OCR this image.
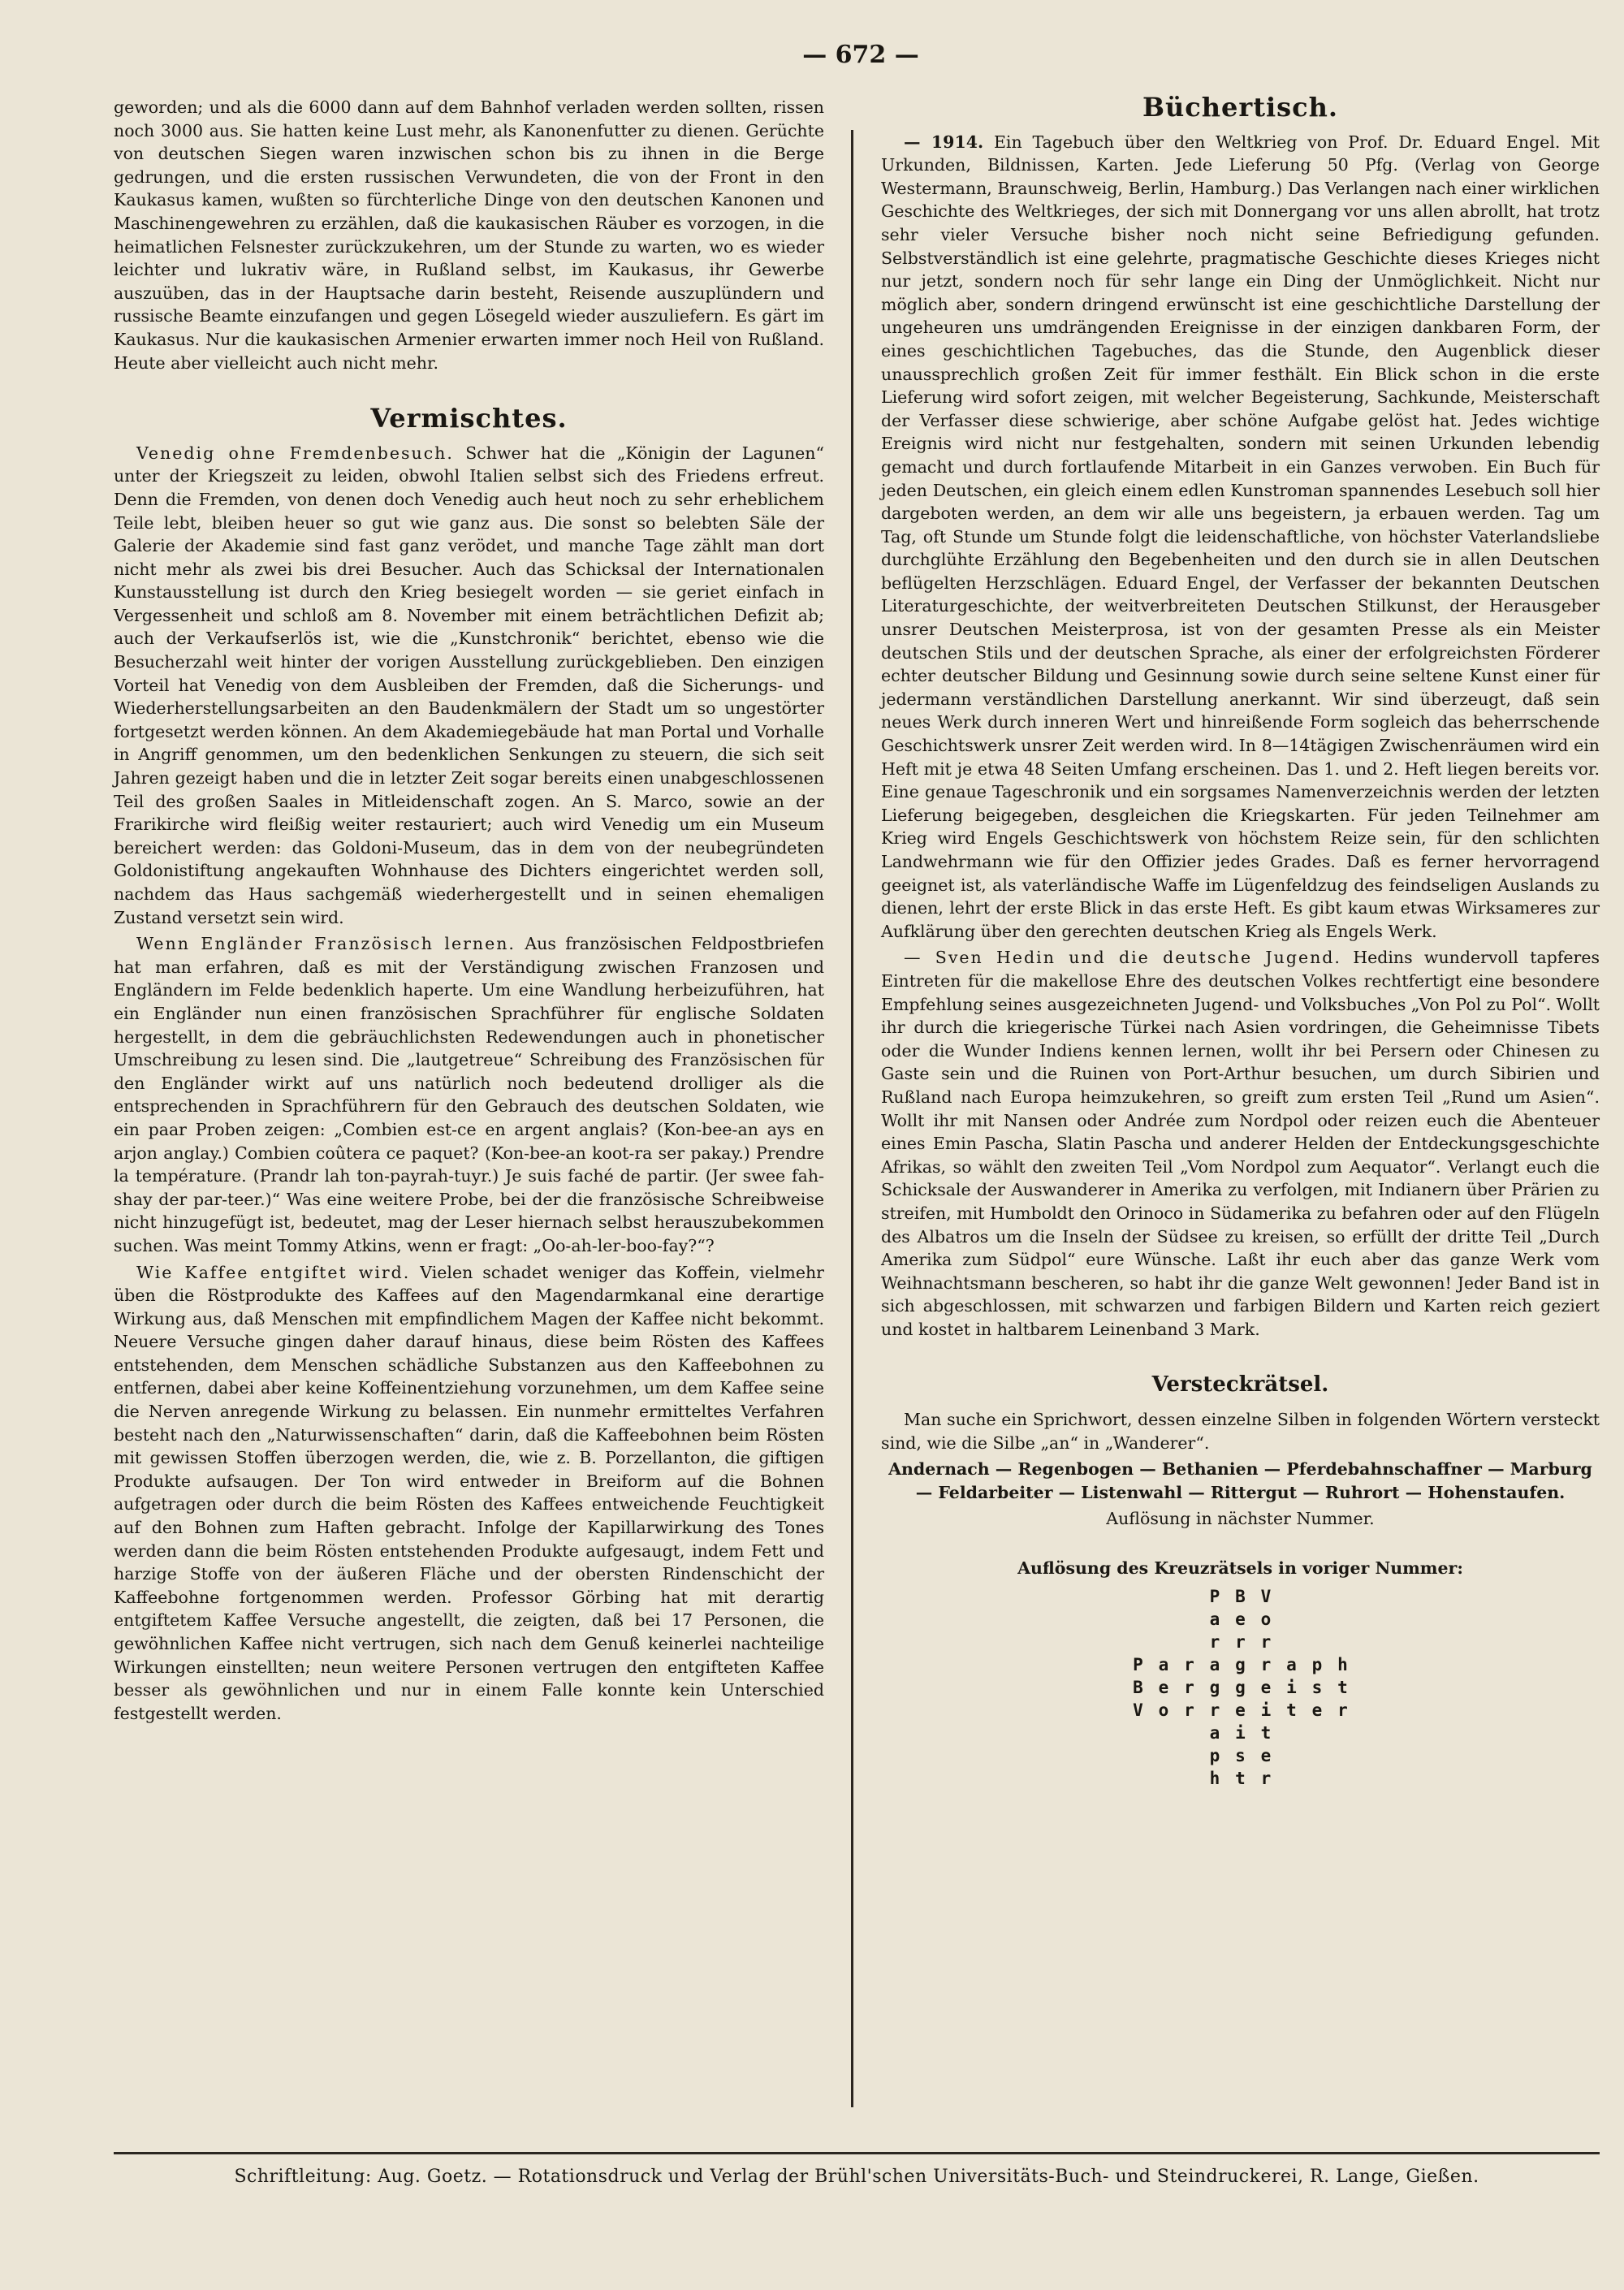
— 672 —

geworden; und als die 6000 dann auf dem Bahnhof verladen werden sollten, rissen noch 3000 aus. Sie hatten keine Lust mehr, als Kanonenfutter zu dienen. Gerüchte von deutschen Siegen waren inzwischen schon bis zu ihnen in die Berge gedrungen, und die ersten russischen Verwundeten, die von der Front in den Kaukasus kamen, wußten so fürchterliche Dinge von den deutschen Kanonen und Maschinengewehren zu erzählen, daß die kaukasischen Räuber es vorzogen, in die heimatlichen Felsnester zurückzukehren, um der Stunde zu warten, wo es wieder leichter und lukrativ wäre, in Rußland selbst, im Kaukasus, ihr Gewerbe auszuüben, das in der Hauptsache darin besteht, Reisende auszuplündern und russische Beamte einzufangen und gegen Lösegeld wieder auszuliefern. Es gärt im Kaukasus. Nur die kaukasischen Armenier erwarten immer noch Heil von Rußland. Heute aber vielleicht auch nicht mehr.

Vermischtes.

Venedig ohne Fremdenbesuch. Schwer hat die „Königin der Lagunen“ unter der Kriegszeit zu leiden, obwohl Italien selbst sich des Friedens erfreut. Denn die Fremden, von denen doch Venedig auch heut noch zu sehr erheblichem Teile lebt, bleiben heuer so gut wie ganz aus. Die sonst so belebten Säle der Galerie der Akademie sind fast ganz verödet, und manche Tage zählt man dort nicht mehr als zwei bis drei Besucher. Auch das Schicksal der Internationalen Kunstausstellung ist durch den Krieg besiegelt worden — sie geriet einfach in Vergessenheit und schloß am 8. November mit einem beträchtlichen Defizit ab; auch der Verkaufserlös ist, wie die „Kunstchronik“ berichtet, ebenso wie die Besucherzahl weit hinter der vorigen Ausstellung zurückgeblieben. Den einzigen Vorteil hat Venedig von dem Ausbleiben der Fremden, daß die Sicherungs- und Wiederherstellungsarbeiten an den Baudenkmälern der Stadt um so ungestörter fortgesetzt werden können. An dem Akademiegebäude hat man Portal und Vorhalle in Angriff genommen, um den bedenklichen Senkungen zu steuern, die sich seit Jahren gezeigt haben und die in letzter Zeit sogar bereits einen unabgeschlossenen Teil des großen Saales in Mitleidenschaft zogen. An S. Marco, sowie an der Frarikirche wird fleißig weiter restauriert; auch wird Venedig um ein Museum bereichert werden: das Goldoni-Museum, das in dem von der neubegründeten Goldonistiftung angekauften Wohnhause des Dichters eingerichtet werden soll, nachdem das Haus sachgemäß wiederhergestellt und in seinen ehemaligen Zustand versetzt sein wird.

Wenn Engländer Französisch lernen. Aus französischen Feldpostbriefen hat man erfahren, daß es mit der Verständigung zwischen Franzosen und Engländern im Felde bedenklich haperte. Um eine Wandlung herbeizuführen, hat ein Engländer nun einen französischen Sprachführer für englische Soldaten hergestellt, in dem die gebräuchlichsten Redewendungen auch in phonetischer Umschreibung zu lesen sind. Die „lautgetreue“ Schreibung des Französischen für den Engländer wirkt auf uns natürlich noch bedeutend drolliger als die entsprechenden in Sprachführern für den Gebrauch des deutschen Soldaten, wie ein paar Proben zeigen: „Combien est-ce en argent anglais? (Kon-bee-an ays en arjon anglay.) Combien coûtera ce paquet? (Kon-bee-an koot-ra ser pakay.) Prendre la température. (Prandr lah ton-payrah-tuyr.) Je suis faché de partir. (Jer swee fah-shay der par-teer.)“ Was eine weitere Probe, bei der die französische Schreibweise nicht hinzugefügt ist, bedeutet, mag der Leser hiernach selbst herauszubekommen suchen. Was meint Tommy Atkins, wenn er fragt: „Oo-ah-ler-boo-fay?“?

Wie Kaffee entgiftet wird. Vielen schadet weniger das Koffein, vielmehr üben die Röstprodukte des Kaffees auf den Magendarmkanal eine derartige Wirkung aus, daß Menschen mit empfindlichem Magen der Kaffee nicht bekommt. Neuere Versuche gingen daher darauf hinaus, diese beim Rösten des Kaffees entstehenden, dem Menschen schädliche Substanzen aus den Kaffeebohnen zu entfernen, dabei aber keine Koffeinentziehung vorzunehmen, um dem Kaffee seine die Nerven anregende Wirkung zu belassen. Ein nunmehr ermitteltes Verfahren besteht nach den „Naturwissenschaften“ darin, daß die Kaffeebohnen beim Rösten mit gewissen Stoffen überzogen werden, die, wie z. B. Porzellanton, die giftigen Produkte aufsaugen. Der Ton wird entweder in Breiform auf die Bohnen aufgetragen oder durch die beim Rösten des Kaffees entweichende Feuchtigkeit auf den Bohnen zum Haften gebracht. Infolge der Kapillarwirkung des Tones werden dann die beim Rösten entstehenden Produkte aufgesaugt, indem Fett und harzige Stoffe von der äußeren Fläche und der obersten Rindenschicht der Kaffeebohne fortgenommen werden. Professor Görbing hat mit derartig entgiftetem Kaffee Versuche angestellt, die zeigten, daß bei 17 Personen, die gewöhnlichen Kaffee nicht vertrugen, sich nach dem Genuß keinerlei nachteilige Wirkungen einstellten; neun weitere Personen vertrugen den entgifteten Kaffee besser als gewöhnlichen und nur in einem Falle konnte kein Unterschied festgestellt werden.

Büchertisch.

— 1914. Ein Tagebuch über den Weltkrieg von Prof. Dr. Eduard Engel. Mit Urkunden, Bildnissen, Karten. Jede Lieferung 50 Pfg. (Verlag von George Westermann, Braunschweig, Berlin, Hamburg.) Das Verlangen nach einer wirklichen Geschichte des Weltkrieges, der sich mit Donnergang vor uns allen abrollt, hat trotz sehr vieler Versuche bisher noch nicht seine Befriedigung gefunden. Selbstverständlich ist eine gelehrte, pragmatische Geschichte dieses Krieges nicht nur jetzt, sondern noch für sehr lange ein Ding der Unmöglichkeit. Nicht nur möglich aber, sondern dringend erwünscht ist eine geschichtliche Darstellung der ungeheuren uns umdrängenden Ereignisse in der einzigen dankbaren Form, der eines geschichtlichen Tagebuches, das die Stunde, den Augenblick dieser unaussprechlich großen Zeit für immer festhält. Ein Blick schon in die erste Lieferung wird sofort zeigen, mit welcher Begeisterung, Sachkunde, Meisterschaft der Verfasser diese schwierige, aber schöne Aufgabe gelöst hat. Jedes wichtige Ereignis wird nicht nur festgehalten, sondern mit seinen Urkunden lebendig gemacht und durch fortlaufende Mitarbeit in ein Ganzes verwoben. Ein Buch für jeden Deutschen, ein gleich einem edlen Kunstroman spannendes Lesebuch soll hier dargeboten werden, an dem wir alle uns begeistern, ja erbauen werden. Tag um Tag, oft Stunde um Stunde folgt die leidenschaftliche, von höchster Vaterlandsliebe durchglühte Erzählung den Begebenheiten und den durch sie in allen Deutschen beflügelten Herzschlägen. Eduard Engel, der Verfasser der bekannten Deutschen Literaturgeschichte, der weitverbreiteten Deutschen Stilkunst, der Herausgeber unsrer Deutschen Meisterprosa, ist von der gesamten Presse als ein Meister deutschen Stils und der deutschen Sprache, als einer der erfolgreichsten Förderer echter deutscher Bildung und Gesinnung sowie durch seine seltene Kunst einer für jedermann verständlichen Darstellung anerkannt. Wir sind überzeugt, daß sein neues Werk durch inneren Wert und hinreißende Form sogleich das beherrschende Geschichtswerk unsrer Zeit werden wird. In 8—14tägigen Zwischenräumen wird ein Heft mit je etwa 48 Seiten Umfang erscheinen. Das 1. und 2. Heft liegen bereits vor. Eine genaue Tageschronik und ein sorgsames Namenverzeichnis werden der letzten Lieferung beigegeben, desgleichen die Kriegskarten. Für jeden Teilnehmer am Krieg wird Engels Geschichtswerk von höchstem Reize sein, für den schlichten Landwehrmann wie für den Offizier jedes Grades. Daß es ferner hervorragend geeignet ist, als vaterländische Waffe im Lügenfeldzug des feindseligen Auslands zu dienen, lehrt der erste Blick in das erste Heft. Es gibt kaum etwas Wirksameres zur Aufklärung über den gerechten deutschen Krieg als Engels Werk.

— Sven Hedin und die deutsche Jugend. Hedins wundervoll tapferes Eintreten für die makellose Ehre des deutschen Volkes rechtfertigt eine besondere Empfehlung seines ausgezeichneten Jugend- und Volksbuches „Von Pol zu Pol“. Wollt ihr durch die kriegerische Türkei nach Asien vordringen, die Geheimnisse Tibets oder die Wunder Indiens kennen lernen, wollt ihr bei Persern oder Chinesen zu Gaste sein und die Ruinen von Port-Arthur besuchen, um durch Sibirien und Rußland nach Europa heimzukehren, so greift zum ersten Teil „Rund um Asien“. Wollt ihr mit Nansen oder Andrée zum Nordpol oder reizen euch die Abenteuer eines Emin Pascha, Slatin Pascha und anderer Helden der Entdeckungsgeschichte Afrikas, so wählt den zweiten Teil „Vom Nordpol zum Aequator“. Verlangt euch die Schicksale der Auswanderer in Amerika zu verfolgen, mit Indianern über Prärien zu streifen, mit Humboldt den Orinoco in Südamerika zu befahren oder auf den Flügeln des Albatros um die Inseln der Südsee zu kreisen, so erfüllt der dritte Teil „Durch Amerika zum Südpol“ eure Wünsche. Laßt ihr euch aber das ganze Werk vom Weihnachtsmann bescheren, so habt ihr die ganze Welt gewonnen! Jeder Band ist in sich abgeschlossen, mit schwarzen und farbigen Bildern und Karten reich geziert und kostet in haltbarem Leinenband 3 Mark.

Versteckrätsel.

Man suche ein Sprichwort, dessen einzelne Silben in folgenden Wörtern versteckt sind, wie die Silbe „an“ in „Wanderer“.

Andernach — Regenbogen — Bethanien — Pferdebahnschaffner — Marburg — Feldarbeiter — Listenwahl — Rittergut — Ruhrort — Hohenstaufen.

Auflösung in nächster Nummer.

Auflösung des Kreuzrätsels in voriger Nummer:
P B V
a e o
r r r
P a r a g r a p h
B e r g g e i s t
V o r r e i t e r
a i t
p s e
h t r
Schriftleitung: Aug. Goetz. — Rotationsdruck und Verlag der Brühl'schen Universitäts-Buch- und Steindruckerei, R. Lange, Gießen.
